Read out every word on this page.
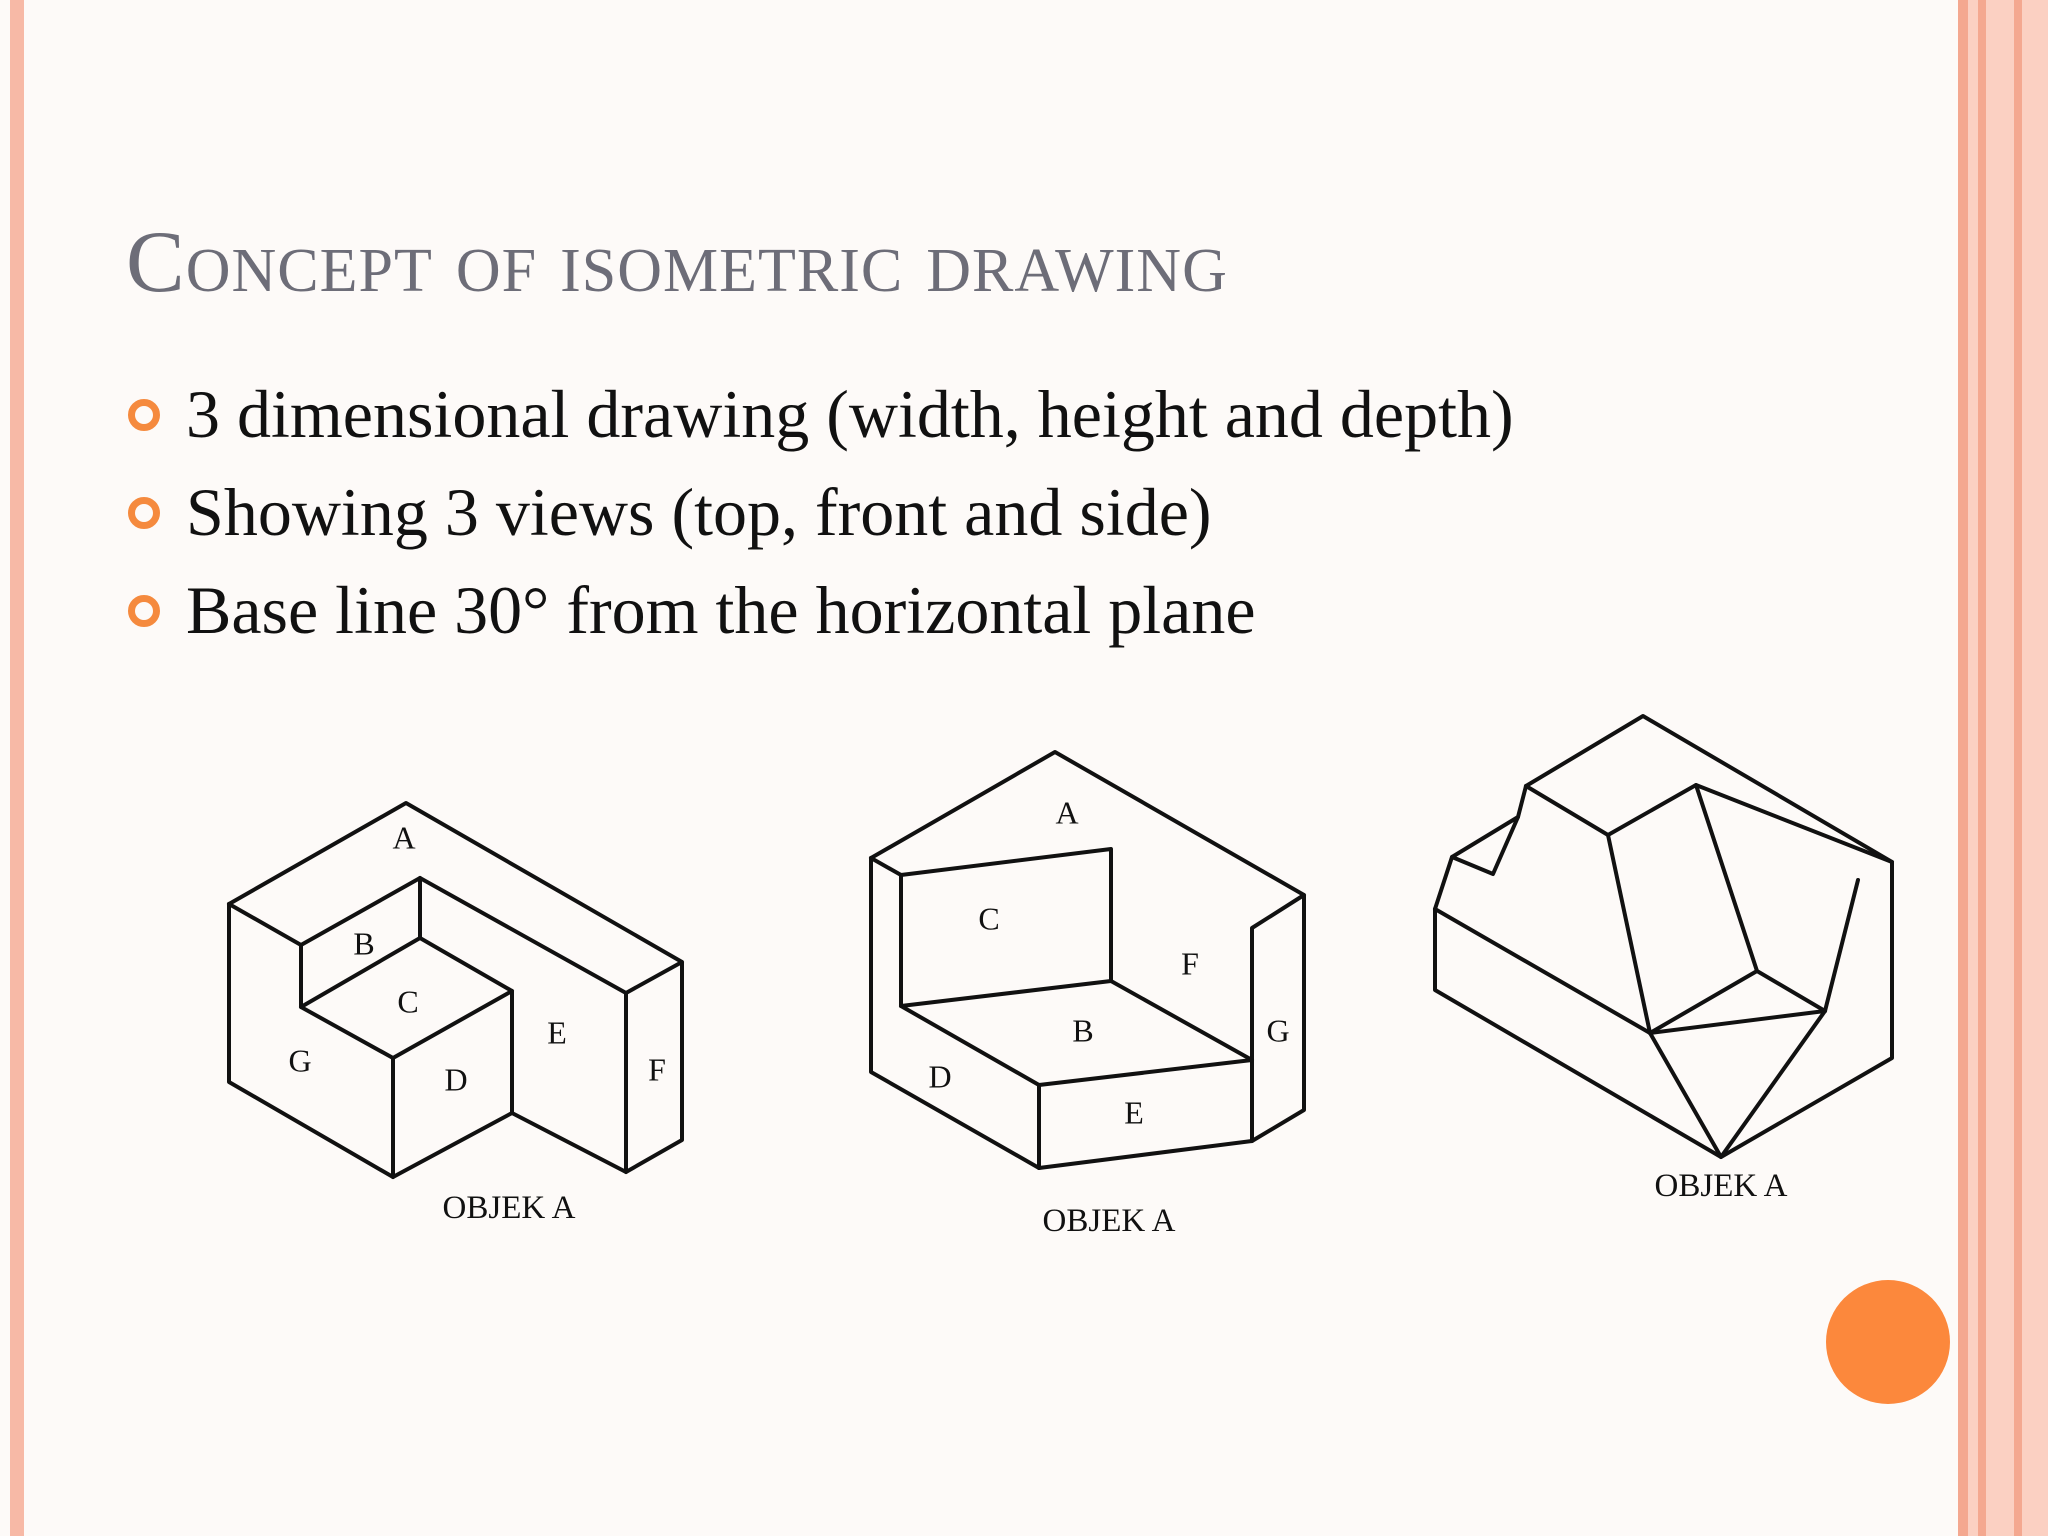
Concept of isometric drawing
3 dimensional drawing (width, height and depth)
Showing 3 views (top, front and side)
Base line 30° from the horizontal plane
A
B
C
D
E
F
G
OBJEK A
A
B
C
D
E
F
G
OBJEK A
OBJEK A
